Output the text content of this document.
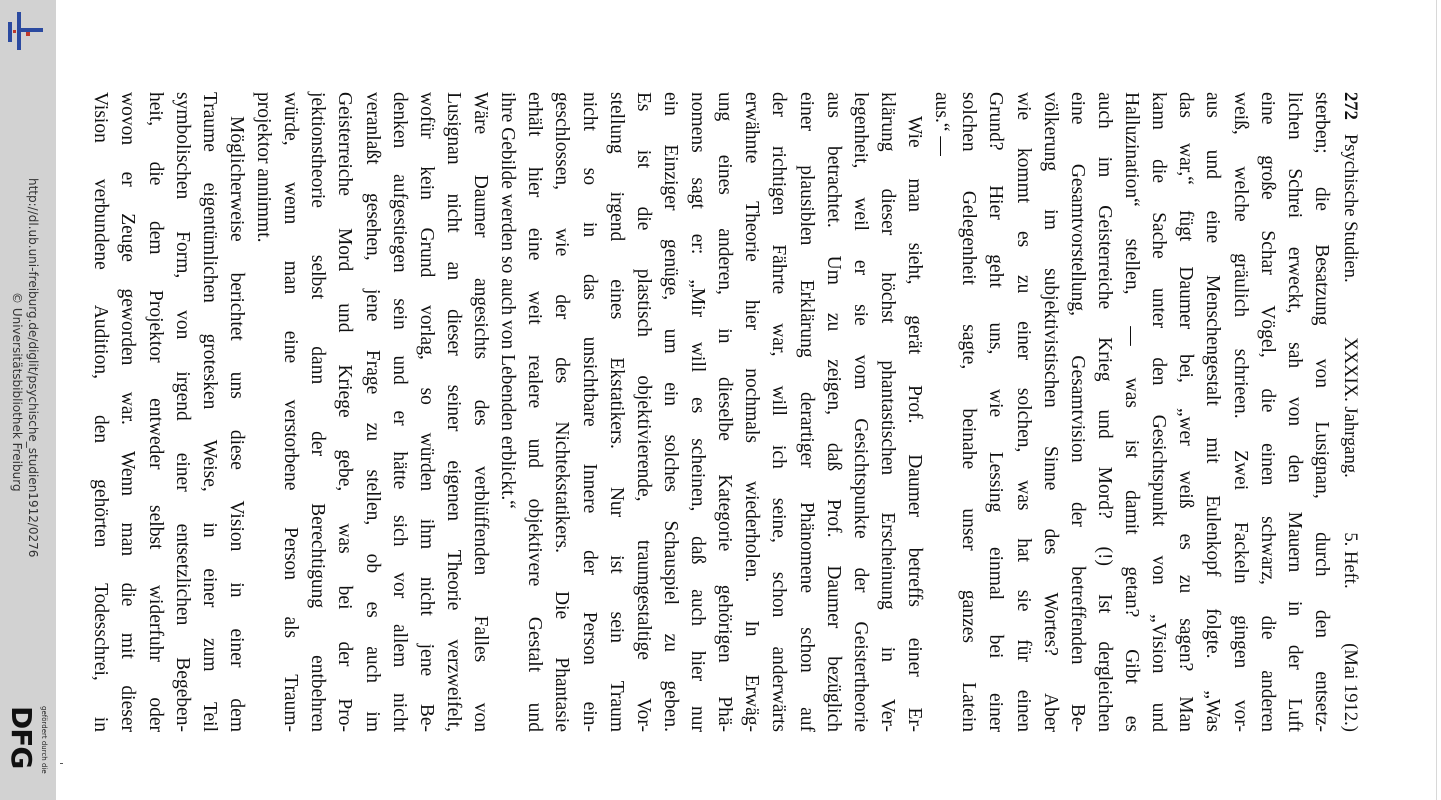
http://dl.ub.uni-freiburg.de/diglit/psychische_studien1912/0276
© Universitätsbibliothek Freiburg
gefördert durch die
DFG
272
Psychische Studien.
XXXIX. Jahrgang.
5. Heft.
(Mai 1912.)
sterben; die Besatzung von Lusignan, durch den entsetz-
lichen Schrei erweckt, sah von den Mauern in der Luft
eine große Schar Vögel, die einen schwarz, die anderen
weiß, welche gräulich schrieen. Zwei Fackeln gingen vor-
aus und eine Menschengestalt mit Eulenkopf folgte. „Was
das war,“ fügt Daumer bei, „wer weiß es zu sagen? Man
kann die Sache unter den Gesichtspunkt von „Vision und
Halluzination“ stellen, — was ist damit getan? Gibt es
auch im Geisterreiche Krieg und Mord? (!) Ist dergleichen
eine Gesamtvorstellung, Gesamtvision der betreffenden Be-
völkerung im subjektivistischen Sinne des Wortes? Aber
wie kommt es zu einer solchen, was hat sie für einen
Grund? Hier geht uns, wie Lessing einmal bei einer
solchen Gelegenheit sagte, beinahe unser ganzes Latein
aus.“ —
Wie man sieht, gerät Prof. Daumer betreffs einer Er-
klärung dieser höchst phantastischen Erscheinung in Ver-
legenheit, weil er sie vom Gesichtspunkte der Geistertheorie
aus betrachtet. Um zu zeigen, daß Prof. Daumer bezüglich
einer plausiblen Erklärung derartiger Phänomene schon auf
der richtigen Fährte war, will ich seine, schon anderwärts
erwähnte Theorie hier nochmals wiederholen. In Erwäg-
ung eines anderen, in dieselbe Kategorie gehörigen Phä-
nomens sagt er: „Mir will es scheinen, daß auch hier nur
ein Einziger genüge, um ein solches Schauspiel zu geben.
Es ist die plastisch objektivierende, traumgestaltige Vor-
stellung irgend eines Ekstatikers. Nur ist sein Traum
nicht so in das unsichtbare Innere der Person ein-
geschlossen, wie der des Nichtekstatikers. Die Phantasie
erhält hier eine weit realere und objektivere Gestalt und
ihre Gebilde werden so auch von Lebenden erblickt.“
Wäre Daumer angesichts des verblüffenden Falles von
Lusignan nicht an dieser seiner eigenen Theorie verzweifelt,
wofür kein Grund vorlag, so würden ihm nicht jene Be-
denken aufgestiegen sein und er hätte sich vor allem nicht
veranlaßt gesehen, jene Frage zu stellen, ob es auch im
Geisterreiche Mord und Kriege gebe, was bei der Pro-
jektionstheorie selbst dann der Berechtigung entbehren
würde, wenn man eine verstorbene Person als Traum-
projektor annimmt.
Möglicherweise berichtet uns diese Vision in einer dem
Traume eigentümlichen grotesken Weise, in einer zum Teil
symbolischen Form, von irgend einer entsetzlichen Begeben-
heit, die dem Projektor entweder selbst widerfuhr oder
wovon er Zeuge geworden war. Wenn man die mit dieser
Vision verbundene Audition, den gehörten Todesschrei, in
